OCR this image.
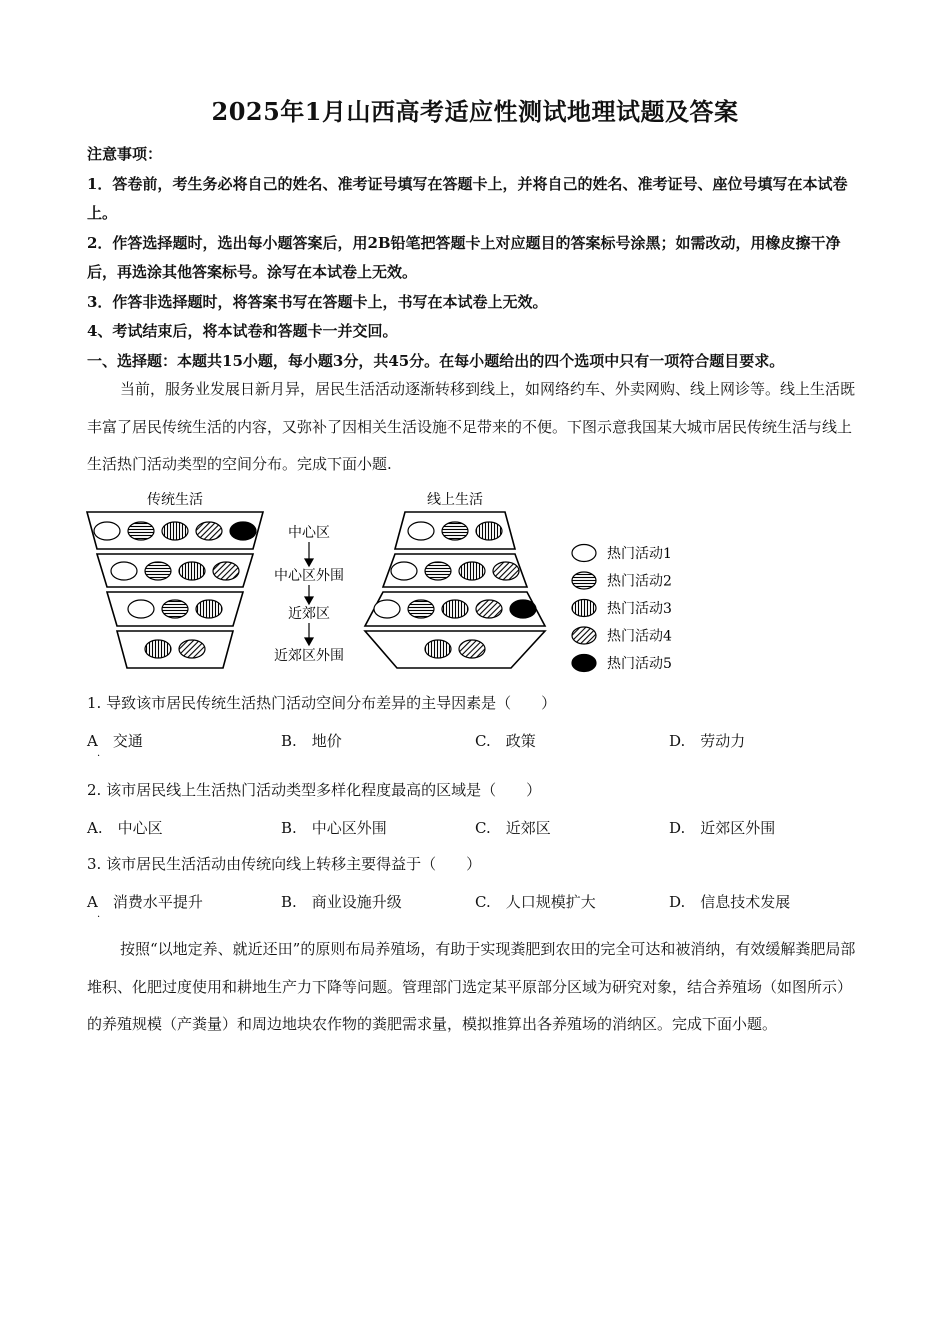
2025年1月山西高考适应性测试地理试题及答案

注意事项：

1．答卷前，考生务必将自己的姓名、准考证号填写在答题卡上，并将自己的姓名、准考证号、座位号填写在本试卷上。

2．作答选择题时，选出每小题答案后，用2B铅笔把答题卡上对应题目的答案标号涂黑；如需改动，用橡皮擦干净后，再选涂其他答案标号。涂写在本试卷上无效。

3．作答非选择题时，将答案书写在答题卡上，书写在本试卷上无效。

4、考试结束后，将本试卷和答题卡一并交回。

一、选择题：本题共15小题，每小题3分，共45分。在每小题给出的四个选项中只有一项符合题目要求。

当前，服务业发展日新月异，居民生活活动逐渐转移到线上，如网络约车、外卖网购、线上网诊等。线上生活既丰富了居民传统生活的内容，又弥补了因相关生活设施不足带来的不便。下图示意我国某大城市居民传统生活与线上生活热门活动类型的空间分布。完成下面小题.

传统生活	线上生活
中心区
中心区外围
近郊区
近郊区外围
热门活动1
热门活动2
热门活动3
热门活动4
热门活动5

1. 导致该市居民传统生活热门活动空间分布差异的主导因素是（　　）

A　交通
·
B.　地价	C.　政策	D.　劳动力

2. 该市居民线上生活热门活动类型多样化程度最高的区域是（　　）

A.　中心区	B.　中心区外围	C.　近郊区	D.　近郊区外围

3. 该市居民生活活动由传统向线上转移主要得益于（　　）

A　消费水平提升
·
B.　商业设施升级	C.　人口规模扩大	D.　信息技术发展

按照“以地定养、就近还田”的原则布局养殖场，有助于实现粪肥到农田的完全可达和被消纳，有效缓解粪肥局部堆积、化肥过度使用和耕地生产力下降等问题。管理部门选定某平原部分区域为研究对象，结合养殖场（如图所示）的养殖规模（产粪量）和周边地块农作物的粪肥需求量，模拟推算出各养殖场的消纳区。完成下面小题。
